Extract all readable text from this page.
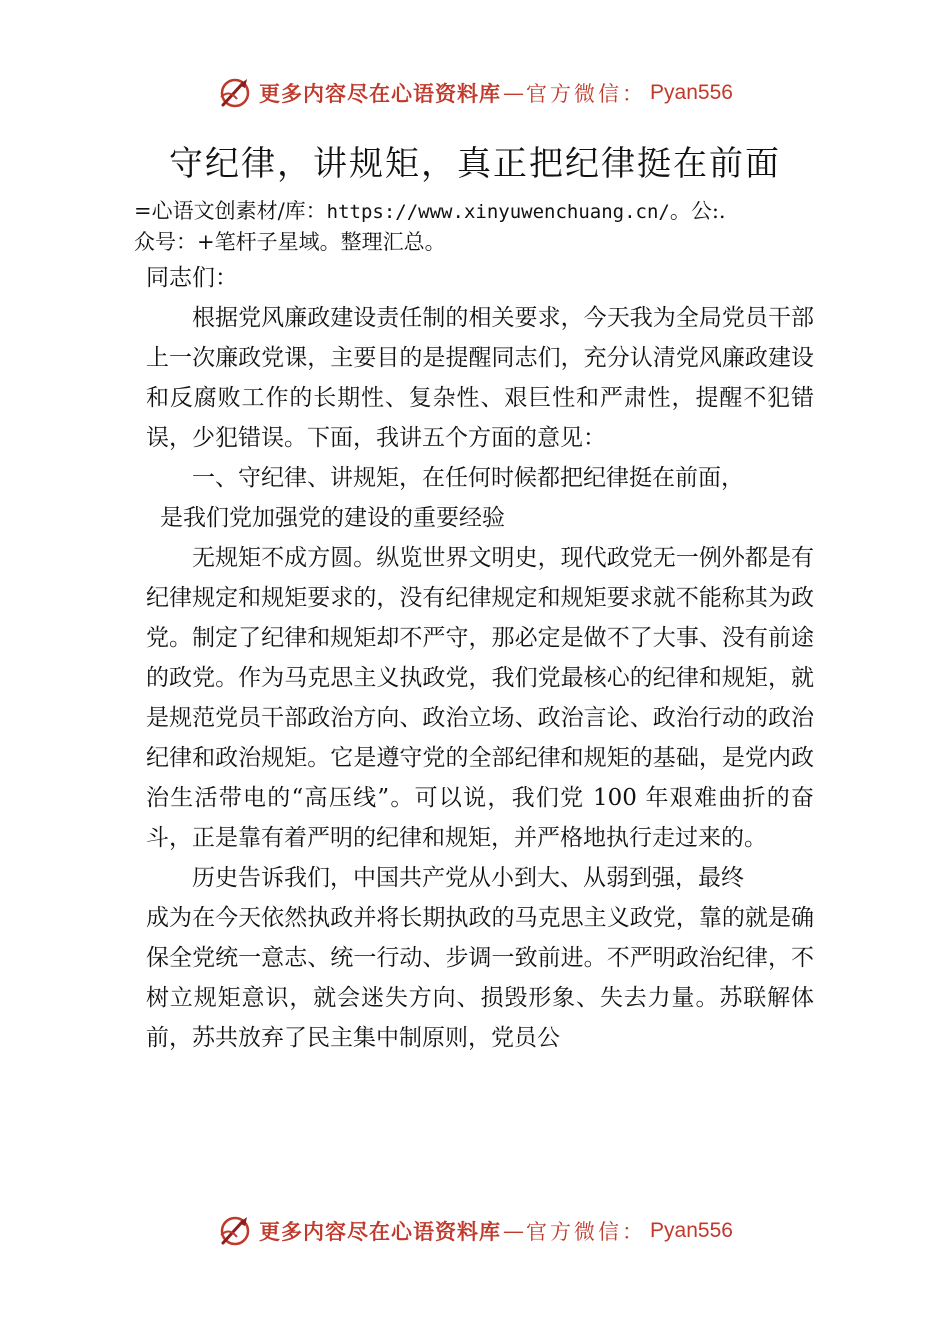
更多内容尽在心语资料库 — 官方微信： Pyan556
守纪律，讲规矩，真正把纪律挺在前面
=心语文创素材/库：https://www.xinyuwenchuang.cn/。公:.
众号：+笔杆子星域。整理汇总。

同志们：

根据党风廉政建设责任制的相关要求，今天我为全局党员干部上一次廉政党课，主要目的是提醒同志们，充分认清党风廉政建设和反腐败工作的长期性、复杂性、艰巨性和严肃性，提醒不犯错误，少犯错误。下面，我讲五个方面的意见：

一、守纪律、讲规矩，在任何时候都把纪律挺在前面，

是我们党加强党的建设的重要经验

无规矩不成方圆。纵览世界文明史，现代政党无一例外都是有纪律规定和规矩要求的，没有纪律规定和规矩要求就不能称其为政党。制定了纪律和规矩却不严守，那必定是做不了大事、没有前途的政党。作为马克思主义执政党，我们党最核心的纪律和规矩，就是规范党员干部政治方向、政治立场、政治言论、政治行动的政治纪律和政治规矩。它是遵守党的全部纪律和规矩的基础，是党内政治生活带电的“高压线”。可以说，我们党 100 年艰难曲折的奋斗，正是靠有着严明的纪律和规矩，并严格地执行走过来的。

历史告诉我们，中国共产党从小到大、从弱到强，最终

成为在今天依然执政并将长期执政的马克思主义政党，靠的就是确保全党统一意志、统一行动、步调一致前进。不严明政治纪律，不树立规矩意识，就会迷失方向、损毁形象、失去力量。苏联解体前，苏共放弃了民主集中制原则，党员公

更多内容尽在心语资料库 — 官方微信： Pyan556
